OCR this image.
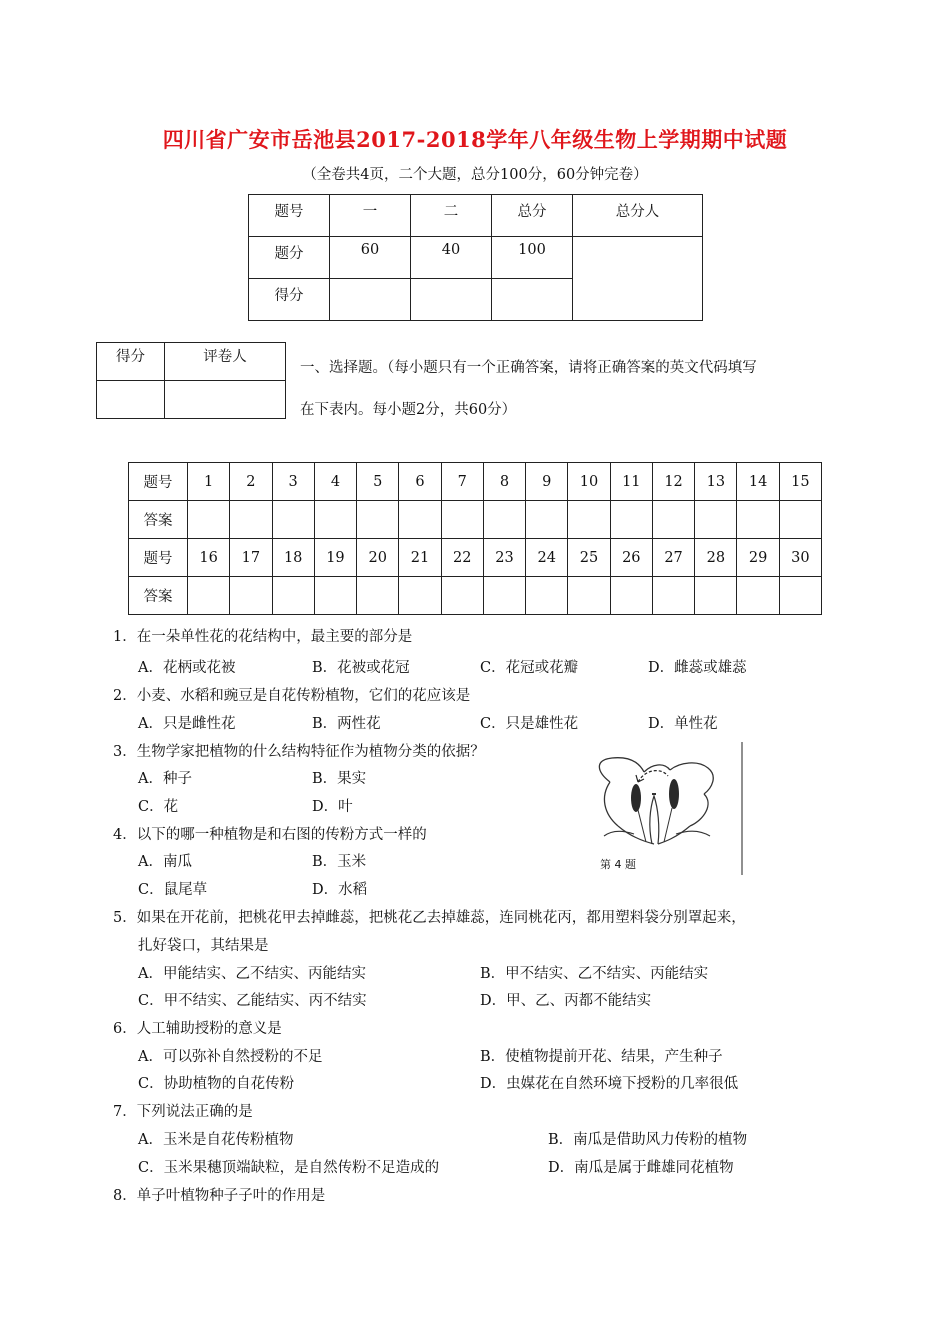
四川省广安市岳池县2017-2018学年八年级生物上学期期中试题
（全卷共4页，二个大题，总分100分，60分钟完卷）
题号	一	二	总分	总分人
题分	60	40	100	
得分				
得分	评卷人

一、选择题。（每小题只有一个正确答案，请将正确答案的英文代码填写
在下表内。每小题2分，共60分）
题号	1	2	3	4	5	6	7	8	9	10	11	12	13	14	15
答案															
题号	16	17	18	19	20	21	22	23	24	25	26	27	28	29	30
答案															
1．在一朵单性花的花结构中，最主要的部分是
A．花柄或花被	B．花被或花冠	C．花冠或花瓣	D．雌蕊或雄蕊
2．小麦、水稻和豌豆是自花传粉植物，它们的花应该是
A．只是雌性花	B．两性花	C．只是雄性花	D．单性花
3．生物学家把植物的什么结构特征作为植物分类的依据？
A．种子	B．果实
C．花	D．叶
4．以下的哪一种植物是和右图的传粉方式一样的
A．南瓜	B．玉米
C．鼠尾草	D．水稻
5．如果在开花前，把桃花甲去掉雌蕊，把桃花乙去掉雄蕊，连同桃花丙，都用塑料袋分别罩起来，
扎好袋口，其结果是
A．甲能结实、乙不结实、丙能结实	B．甲不结实、乙不结实、丙能结实
C．甲不结实、乙能结实、丙不结实	D．甲、乙、丙都不能结实
6．人工辅助授粉的意义是
A．可以弥补自然授粉的不足	B．使植物提前开花、结果，产生种子
C．协助植物的自花传粉	D．虫媒花在自然环境下授粉的几率很低
7．下列说法正确的是
A．玉米是自花传粉植物	B．南瓜是借助风力传粉的植物
C．玉米果穗顶端缺粒，是自然传粉不足造成的	D．南瓜是属于雌雄同花植物
8．单子叶植物种子子叶的作用是
第 4 题
